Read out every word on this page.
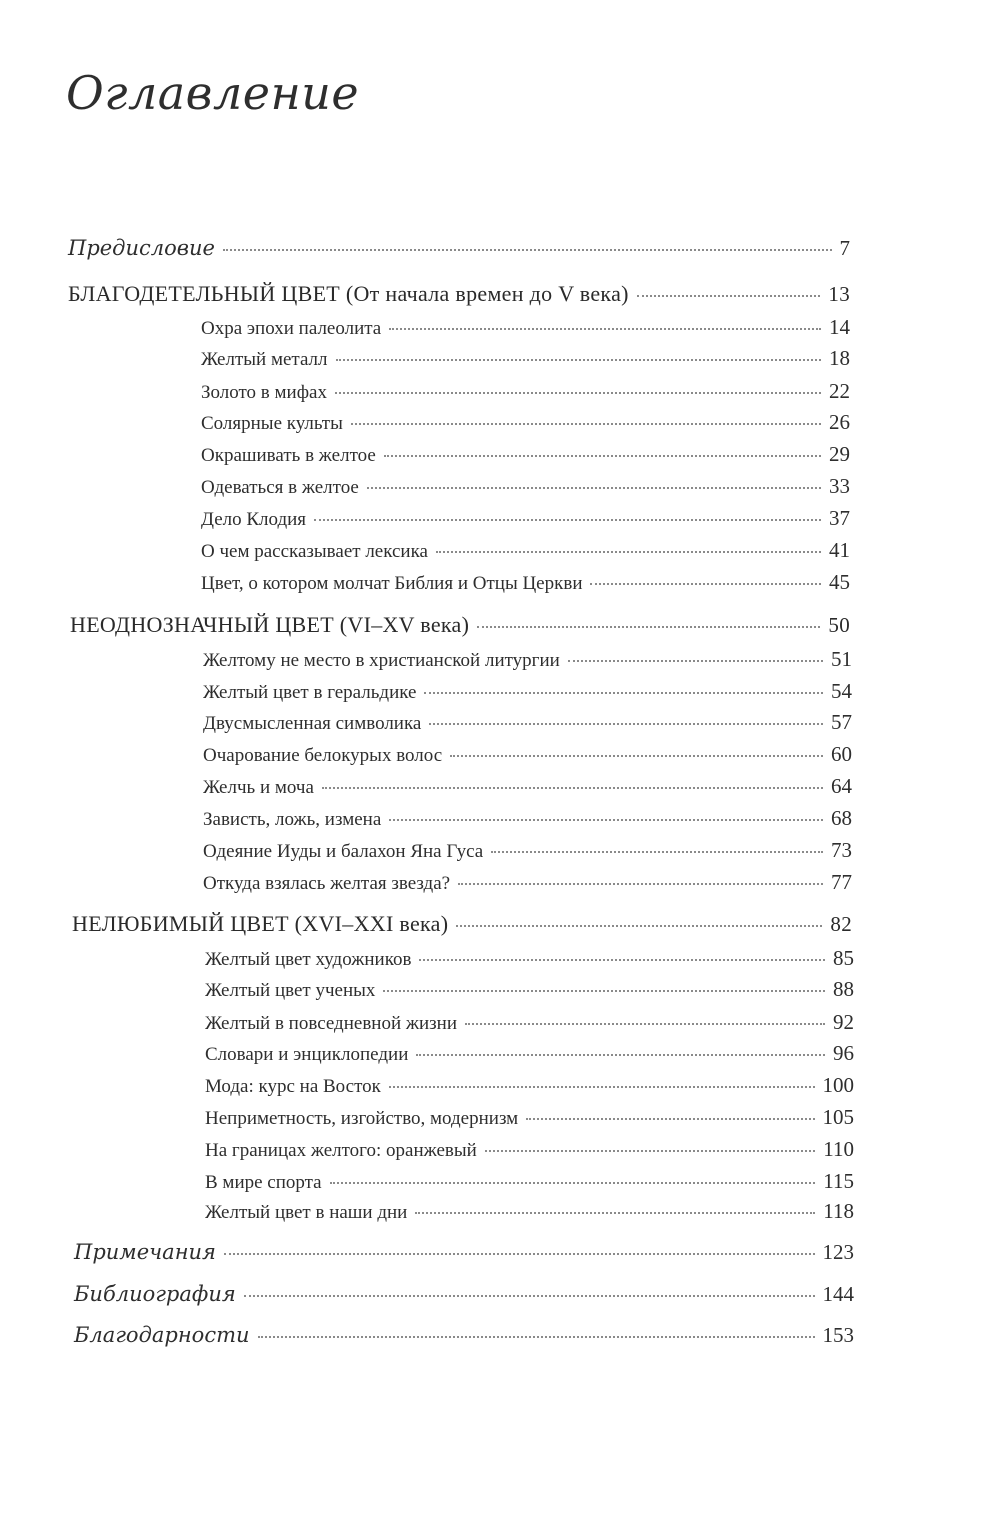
Оглавление
Предисловие	7
БЛАГОДЕТЕЛЬНЫЙ ЦВЕТ (От начала времен до V века)	13
Охра эпохи палеолита	14
Желтый металл	18
Золото в мифах	22
Солярные культы	26
Окрашивать в желтое	29
Одеваться в желтое	33
Дело Клодия	37
О чем рассказывает лексика	41
Цвет, о котором молчат Библия и Отцы Церкви	45
НЕОДНОЗНАЧНЫЙ ЦВЕТ (VI–XV века)	50
Желтому не место в христианской литургии	51
Желтый цвет в геральдике	54
Двусмысленная символика	57
Очарование белокурых волос	60
Желчь и моча	64
Зависть, ложь, измена	68
Одеяние Иуды и балахон Яна Гуса	73
Откуда взялась желтая звезда?	77
НЕЛЮБИМЫЙ ЦВЕТ (XVI–XXI века)	82
Желтый цвет художников	85
Желтый цвет ученых	88
Желтый в повседневной жизни	92
Словари и энциклопедии	96
Мода: курс на Восток	100
Неприметность, изгойство, модернизм	105
На границах желтого: оранжевый	110
В мире спорта	115
Желтый цвет в наши дни	118
Примечания	123
Библиография	144
Благодарности	153
